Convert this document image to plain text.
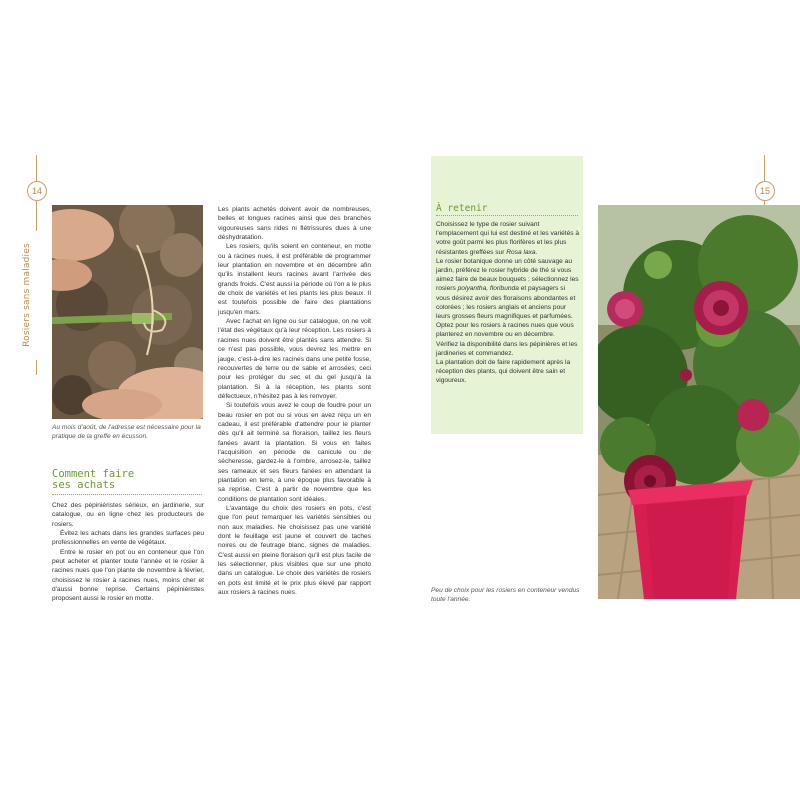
14
Rosiers sans maladies
Au mois d'août, de l'adresse est nécessaire pour la pratique de la greffe en écusson.
Comment faire
ses achats

Chez des pépiniéristes sérieux, en jardinerie, sur catalogue, ou en ligne chez les producteurs de rosiers.

Évitez les achats dans les grandes surfaces peu professionnelles en vente de végétaux.

Entre le rosier en pot ou en conteneur que l'on peut acheter et planter toute l'année et le rosier à racines nues que l'on plante de novembre à février, choisissez le rosier à racines nues, moins cher et d'aussi bonne reprise. Certains pépiniéristes proposent aussi le rosier en motte.

Les plants achetés doivent avoir de nombreuses, belles et longues racines ainsi que des branches vigoureuses sans rides ni flétrissures dues à une déshydratation.

Les rosiers, qu'ils soient en conteneur, en motte ou à racines nues, il est préférable de programmer leur plantation en novembre et en décembre afin qu'ils installent leurs racines avant l'arrivée des grands froids. C'est aussi la période où l'on a le plus de choix de variétés et les plants les plus beaux. Il est toutefois possible de faire des plantations jusqu'en mars.

Avec l'achat en ligne ou sur catalogue, on ne voit l'état des végétaux qu'à leur réception. Les rosiers à racines nues doivent être plantés sans attendre. Si ce n'est pas possible, vous devrez les mettre en jauge, c'est-à-dire les racines dans une petite fosse, recouvertes de terre ou de sable et arrosées, ceci pour les protéger du sec et du gel jusqu'à la plantation. Si à la réception, les plants sont défectueux, n'hésitez pas à les renvoyer.

Si toutefois vous avez le coup de foudre pour un beau rosier en pot ou si vous en avez reçu un en cadeau, il est préférable d'attendre pour le planter dès qu'il ait terminé sa floraison, taillez les fleurs fanées avant la plantation. Si vous en faites l'acquisition en période de canicule ou de sécheresse, gardez-le à l'ombre, arrosez-le, taillez ses rameaux et ses fleurs fanées en attendant la plantation en terre, à une époque plus favorable à sa reprise. C'est à partir de novembre que les conditions de plantation sont idéales.

L'avantage du choix des rosiers en pots, c'est que l'on peut remarquer les variétés sensibles ou non aux maladies. Ne choisissez pas une variété dont le feuillage est jaune et couvert de taches noires ou de feutrage blanc, signes de maladies. C'est aussi en pleine floraison qu'il est plus facile de les sélectionner, plus visibles que sur une photo dans un catalogue. Le choix des variétés de rosiers en pots est limité et le prix plus élevé par rapport aux rosiers à racines nues.

À retenir

Choisissez le type de rosier suivant l'emplacement qui lui est destiné et les variétés à votre goût parmi les plus florifères et les plus résistantes greffées sur Rosa laxa.

Le rosier botanique donne un côté sauvage au jardin, préférez le rosier hybride de thé si vous aimez faire de beaux bouquets ; sélectionnez les rosiers polyantha, floribunda et paysagers si vous désirez avoir des floraisons abondantes et colorées ; les rosiers anglais et anciens pour leurs grosses fleurs magnifiques et parfumées.

Optez pour les rosiers à racines nues que vous planterez en novembre ou en décembre.

Vérifiez la disponibilité dans les pépinières et les jardineries et commandez.

La plantation doit de faire rapidement après la réception des plants, qui doivent être sain et vigoureux.

15
Peu de choix pour les rosiers en conteneur vendus toute l'année.
